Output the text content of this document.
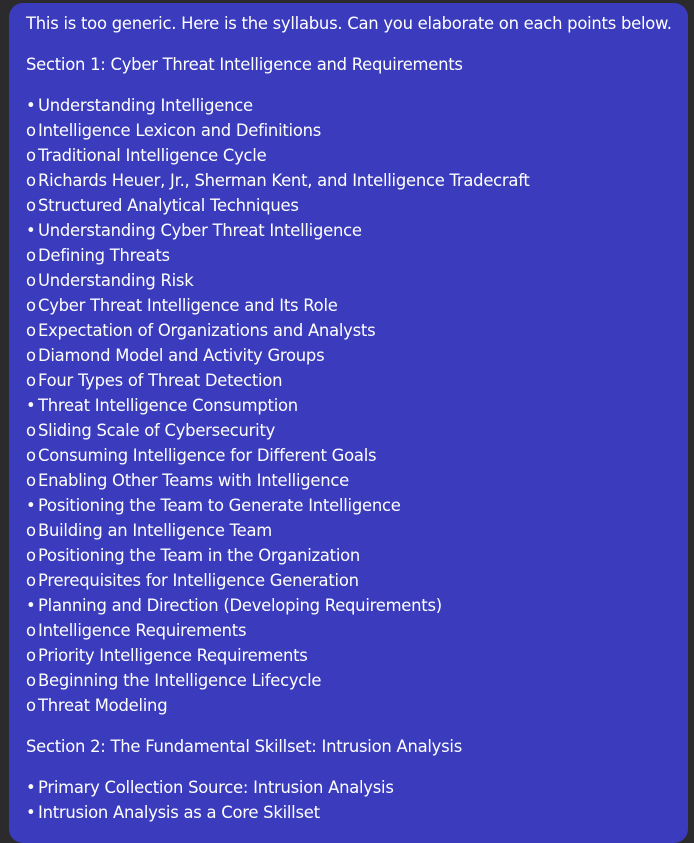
This is too generic. Here is the syllabus. Can you elaborate on each points below.
Section 1: Cyber Threat Intelligence and Requirements
• Understanding Intelligence
o Intelligence Lexicon and Definitions
o Traditional Intelligence Cycle
o Richards Heuer, Jr., Sherman Kent, and Intelligence Tradecraft
o Structured Analytical Techniques
• Understanding Cyber Threat Intelligence
o Defining Threats
o Understanding Risk
o Cyber Threat Intelligence and Its Role
o Expectation of Organizations and Analysts
o Diamond Model and Activity Groups
o Four Types of Threat Detection
• Threat Intelligence Consumption
o Sliding Scale of Cybersecurity
o Consuming Intelligence for Different Goals
o Enabling Other Teams with Intelligence
• Positioning the Team to Generate Intelligence
o Building an Intelligence Team
o Positioning the Team in the Organization
o Prerequisites for Intelligence Generation
• Planning and Direction (Developing Requirements)
o Intelligence Requirements
o Priority Intelligence Requirements
o Beginning the Intelligence Lifecycle
o Threat Modeling
Section 2: The Fundamental Skillset: Intrusion Analysis
• Primary Collection Source: Intrusion Analysis
• Intrusion Analysis as a Core Skillset
